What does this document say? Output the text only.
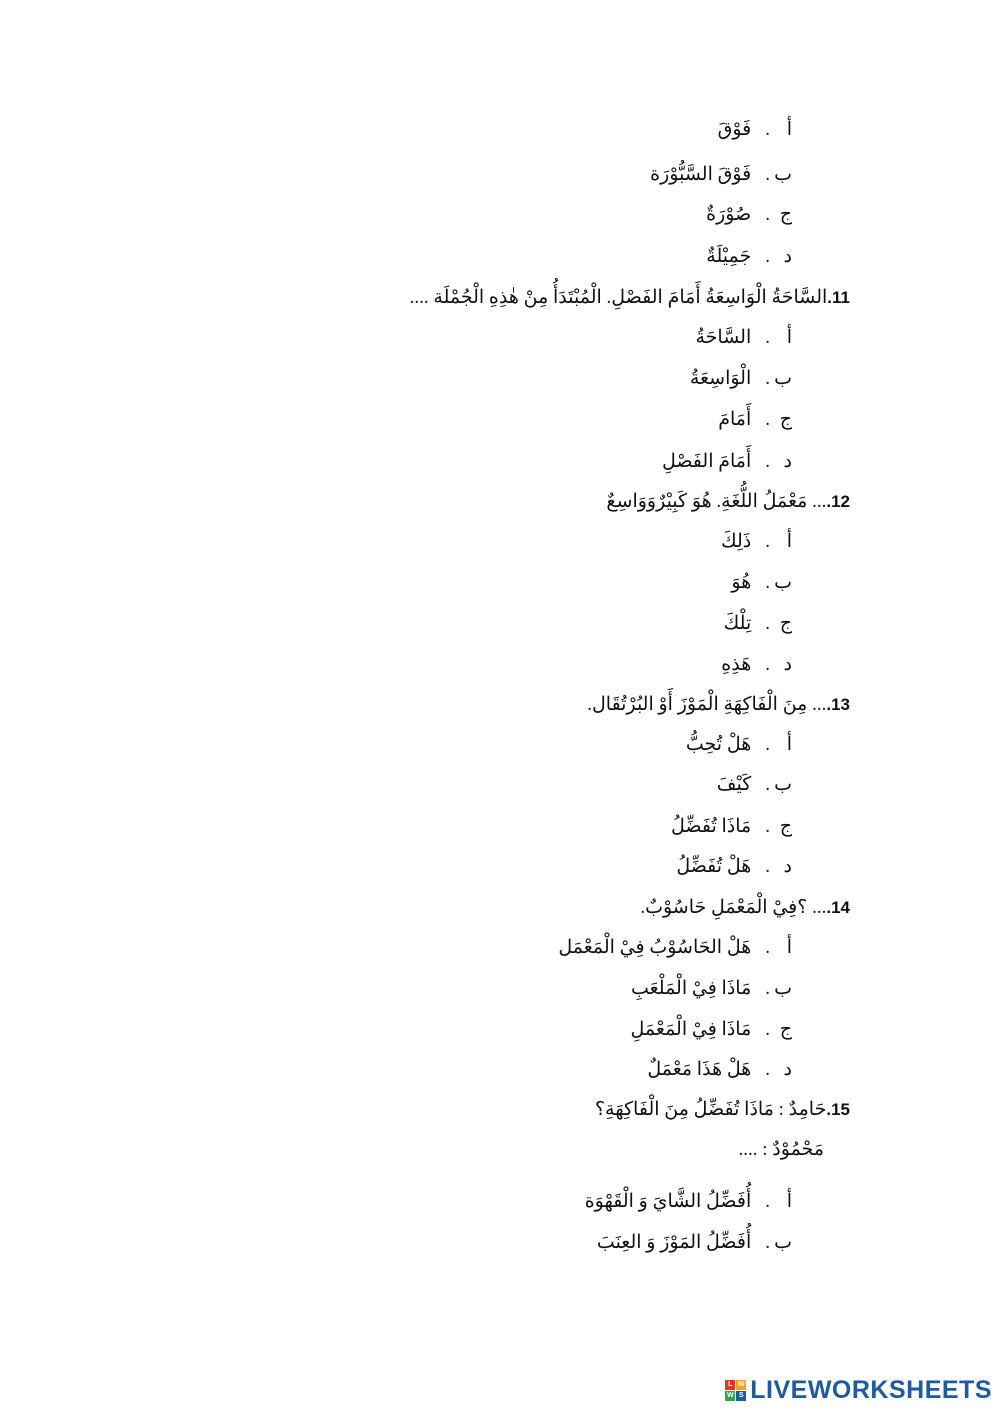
أ.فَوْقَ
ب.فَوْقَ السَّبُّوْرَة
ج.صُوْرَةٌ
د.جَمِيْلَةٌ
11.السَّاحَةُ الْوَاسِعَةُ أَمَامَ الفَصْلِ. الْمُبْتَدَأُ مِنْ هٰذِهِ الْجُمْلَة ....
أ.السَّاحَةُ
ب.الْوَاسِعَةُ
ج.أَمَامَ
د.أَمَامَ الفَصْلِ
12.... مَعْمَلُ اللُّغَةِ. هُوَ كَبِيْرٌوَوَاسِعٌ
أ.ذَلِكَ
ب.هُوَ
ج.تِلْكَ
د.هَذِهِ
13.... مِنَ الْفَاكِهَةِ الْمَوْزَ أَوْ البُرْتُقَال.
أ.هَلْ تُحِبُّ
ب.كَيْفَ
ج.مَاذَا تُفَضِّلُ
د.هَلْ تُفَضِّلُ
14.... ؟فِيْ الْمَعْمَلِ حَاسُوْبٌ.
أ.هَلْ الحَاسُوْبُ فِيْ الْمَعْمَل
ب.مَاذَا فِيْ الْمَلْعَبِ
ج.مَاذَا فِيْ الْمَعْمَلِ
د.هَلْ هَذَا مَعْمَلٌ
15.حَامِدٌ : مَاذَا تُفَضِّلُ مِنَ الْفَاكِهَةِ؟
مَحْمُوْدٌ : ....
أ.أُفَضِّلُ الشَّايَ وَ الْقَهْوَة
ب.أُفَضِّلُ المَوْزَ وَ العِنَبَ
L W
W S LIVEWORKSHEETS
